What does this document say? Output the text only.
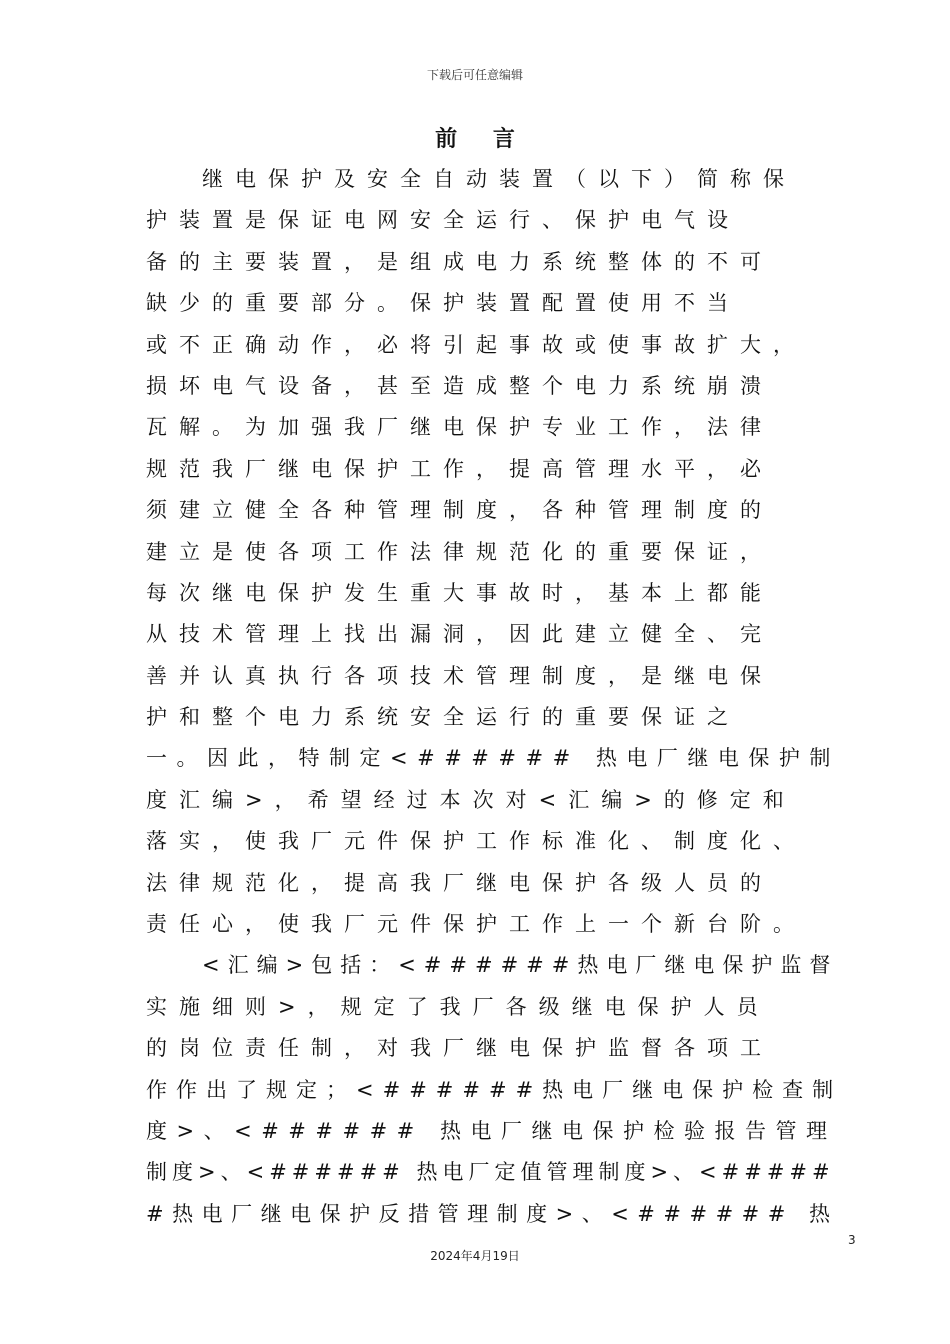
下载后可任意编辑
前 言
继电保护及安全自动装置（以下）简称保
护装置是保证电网安全运行、保护电气设
备的主要装置，是组成电力系统整体的不可
缺少的重要部分。保护装置配置使用不当
或不正确动作，必将引起事故或使事故扩大，
损坏电气设备，甚至造成整个电力系统崩溃
瓦解。为加强我厂继电保护专业工作，法律
规范我厂继电保护工作，提高管理水平，必
须建立健全各种管理制度，各种管理制度的
建立是使各项工作法律规范化的重要保证，
每次继电保护发生重大事故时，基本上都能
从技术管理上找出漏洞，因此建立健全、完
善并认真执行各项技术管理制度，是继电保
护和整个电力系统安全运行的重要保证之
一。因此，特制定<###### 热电厂继电保护制
度汇编>，希望经过本次对<汇编>的修定和
落实，使我厂元件保护工作标准化、制度化、
法律规范化，提高我厂继电保护各级人员的
责任心，使我厂元件保护工作上一个新台阶。
<汇编>包括：<######热电厂继电保护监督
实施细则>，规定了我厂各级继电保护人员
的岗位责任制，对我厂继电保护监督各项工
作作出了规定；<######热电厂继电保护检查制
度>、<###### 热电厂继电保护检验报告管理
制度>、<###### 热电厂定值管理制度>、<#####
#热电厂继电保护反措管理制度>、<###### 热
3
2024年4月19日
